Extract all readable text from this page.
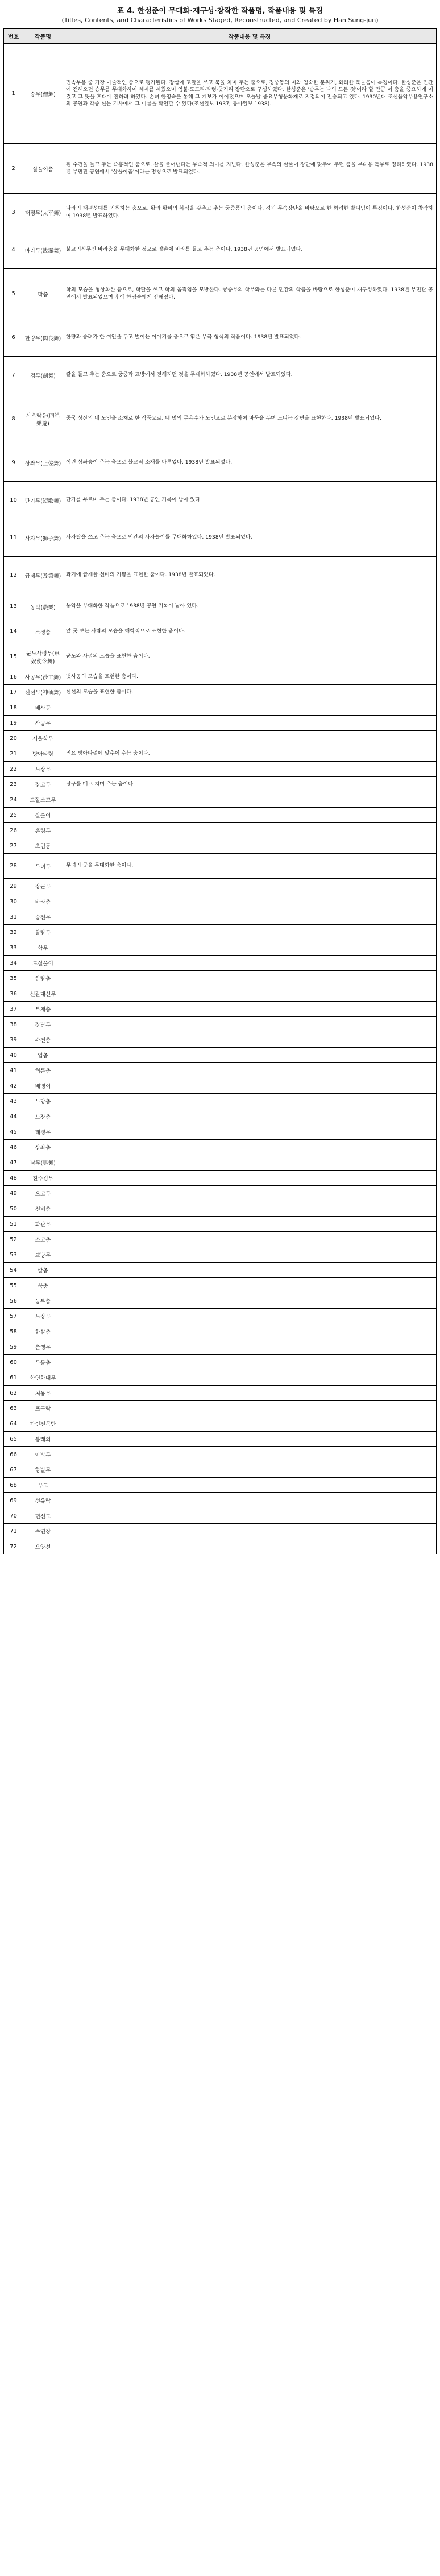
표 4. 한성준이 무대화·재구성·창작한 작품명, 작품내용 및 특징
(Titles, Contents, and Characteristics of Works Staged, Reconstructed, and Created by Han Sung-jun)
번호	작품명	작품내용 및 특징
1	승무(僧舞)	민속무용 중 가장 예술적인 춤으로 평가된다. 장삼에 고깔을 쓰고 북을 치며 추는 춤으로, 정중동의 미와 엄숙한 분위기, 화려한 북놀음이 특징이다. 한성준은 민간에 전해오던 승무를 무대화하여 체계를 세웠으며 염불·도드리·타령·굿거리 장단으로 구성하였다. 한성준은 '승무는 나의 모든 것'이라 할 만큼 이 춤을 중요하게 여겼고 그 뜻을 후대에 전하려 하였다. 손녀 한영숙을 통해 그 계보가 이어졌으며 오늘날 중요무형문화재로 지정되어 전승되고 있다. 1930년대 조선음악무용연구소의 공연과 각종 신문 기사에서 그 이름을 확인할 수 있다(조선일보 1937; 동아일보 1938).
2	살풀이춤	흰 수건을 들고 추는 즉흥적인 춤으로, 살을 풀어낸다는 무속적 의미를 지닌다. 한성준은 무속의 살풀이 장단에 맞추어 추던 춤을 무대용 독무로 정리하였다. 1938년 부민관 공연에서 '살풀이춤'이라는 명칭으로 발표되었다.
3	태평무(太平舞)	나라의 태평성대를 기원하는 춤으로, 왕과 왕비의 복식을 갖추고 추는 궁중풍의 춤이다. 경기 무속장단을 바탕으로 한 화려한 발디딤이 특징이다. 한성준이 창작하여 1938년 발표하였다.
4	바라무(鈸鑼舞)	불교의식무인 바라춤을 무대화한 것으로 양손에 바라를 들고 추는 춤이다. 1938년 공연에서 발표되었다.
5	학춤	학의 모습을 형상화한 춤으로, 학탈을 쓰고 학의 움직임을 모방한다. 궁중무의 학무와는 다른 민간의 학춤을 바탕으로 한성준이 재구성하였다. 1938년 부민관 공연에서 발표되었으며 후에 한영숙에게 전해졌다.
6	한량무(閑良舞)	한량과 승려가 한 여인을 두고 벌이는 이야기를 춤으로 엮은 무극 형식의 작품이다. 1938년 발표되었다.
7	검무(劍舞)	칼을 들고 추는 춤으로 궁중과 교방에서 전해지던 것을 무대화하였다. 1938년 공연에서 발표되었다.
8	사호락유(四皓樂遊)	중국 상산의 네 노인을 소재로 한 작품으로, 네 명의 무용수가 노인으로 분장하여 바둑을 두며 노니는 장면을 표현한다. 1938년 발표되었다.
9	상좌무(上佐舞)	어린 상좌승이 추는 춤으로 불교적 소재를 다루었다. 1938년 발표되었다.
10	단가무(短歌舞)	단가를 부르며 추는 춤이다. 1938년 공연 기록이 남아 있다.
11	사자무(獅子舞)	사자탈을 쓰고 추는 춤으로 민간의 사자놀이를 무대화하였다. 1938년 발표되었다.
12	급제무(及第舞)	과거에 급제한 선비의 기쁨을 표현한 춤이다. 1938년 발표되었다.
13	농악(農樂)	농악을 무대화한 작품으로 1938년 공연 기록이 남아 있다.
14	소경춤	앞 못 보는 사람의 모습을 해학적으로 표현한 춤이다.
15	군노사령무(軍奴使令舞)	군노와 사령의 모습을 표현한 춤이다.
16	사공무(沙工舞)	뱃사공의 모습을 표현한 춤이다.
17	신선무(神仙舞)	신선의 모습을 표현한 춤이다.
18	배사공	
19	사공무	
20	서울학무	
21	방아타령	민요 방아타령에 맞추어 추는 춤이다.
22	노장무	
23	장고무	장구를 메고 치며 추는 춤이다.
24	고깔소고무	
25	살풀이	
26	훈령무	
27	초립동	
28	무녀무	무녀의 굿을 무대화한 춤이다.
29	장군무	
30	바라춤	
31	승전무	
32	활량무	
33	학무	
34	도살풀이	
35	한량춤	
36	신칼대신무	
37	부채춤	
38	장단무	
39	수건춤	
40	입춤	
41	허튼춤	
42	배뱅이	
43	무당춤	
44	노장춤	
45	태평무	
46	상좌춤	
47	남무(男舞)	
48	진주검무	
49	오고무	
50	선비춤	
51	화관무	
52	소고춤	
53	교방무	
54	칼춤	
55	북춤	
56	농부춤	
57	노장무	
58	한삼춤	
59	춘앵무	
60	무동춤	
61	학연화대무	
62	처용무	
63	포구락	
64	가인전목단	
65	봉래의	
66	아박무	
67	향발무	
68	무고	
69	선유락	
70	헌선도	
71	수연장	
72	오양선	
